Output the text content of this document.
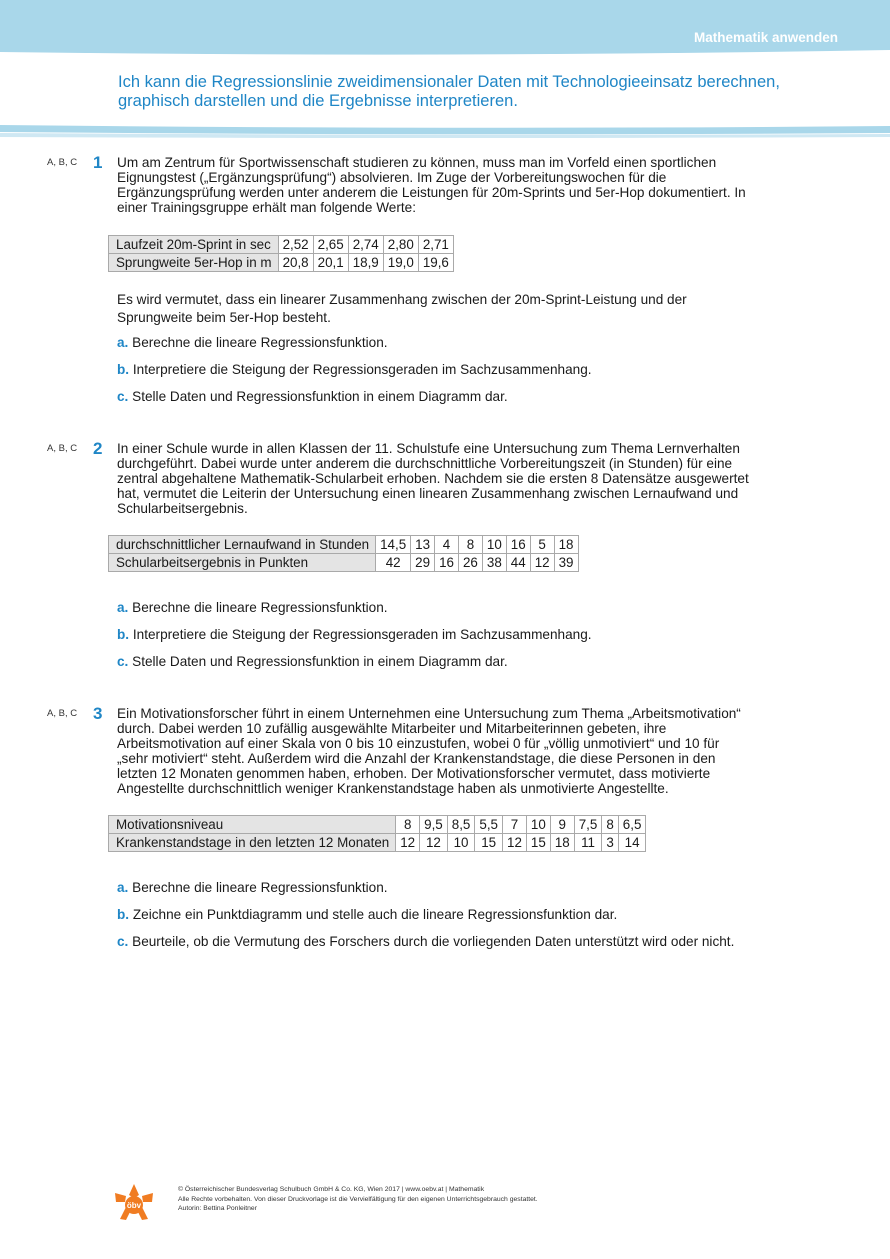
Mathematik anwenden
Ich kann die Regressionslinie zweidimensionaler Daten mit Technologieeinsatz berechnen, graphisch darstellen und die Ergebnisse interpretieren.
A, B, C 1 Um am Zentrum für Sportwissenschaft studieren zu können, muss man im Vorfeld einen sportlichen
Eignungstest („Ergänzungsprüfung“) absolvieren. Im Zuge der Vorbereitungswochen für die
Ergänzungsprüfung werden unter anderem die Leistungen für 20m-Sprints und 5er-Hop dokumentiert. In
einer Trainingsgruppe erhält man folgende Werte:

Laufzeit 20m-Sprint in sec	2,52	2,65	2,74	2,80	2,71
Sprungweite 5er-Hop in m	20,8	20,1	18,9	19,0	19,6

Es wird vermutet, dass ein linearer Zusammenhang zwischen der 20m-Sprint-Leistung und der
Sprungweite beim 5er-Hop besteht.

a. Berechne die lineare Regressionsfunktion.
b. Interpretiere die Steigung der Regressionsgeraden im Sachzusammenhang.
c. Stelle Daten und Regressionsfunktion in einem Diagramm dar.
A, B, C 2 In einer Schule wurde in allen Klassen der 11. Schulstufe eine Untersuchung zum Thema Lernverhalten
durchgeführt. Dabei wurde unter anderem die durchschnittliche Vorbereitungszeit (in Stunden) für eine
zentral abgehaltene Mathematik-Schularbeit erhoben. Nachdem sie die ersten 8 Datensätze ausgewertet
hat, vermutet die Leiterin der Untersuchung einen linearen Zusammenhang zwischen Lernaufwand und
Schularbeitsergebnis.

durchschnittlicher Lernaufwand in Stunden	14,5	13	4	8	10	16	5	18
Schularbeitsergebnis in Punkten	42	29	16	26	38	44	12	39
a. Berechne die lineare Regressionsfunktion.
b. Interpretiere die Steigung der Regressionsgeraden im Sachzusammenhang.
c. Stelle Daten und Regressionsfunktion in einem Diagramm dar.
A, B, C 3 Ein Motivationsforscher führt in einem Unternehmen eine Untersuchung zum Thema „Arbeitsmotivation“
durch. Dabei werden 10 zufällig ausgewählte Mitarbeiter und Mitarbeiterinnen gebeten, ihre
Arbeitsmotivation auf einer Skala von 0 bis 10 einzustufen, wobei 0 für „völlig unmotiviert“ und 10 für
„sehr motiviert“ steht. Außerdem wird die Anzahl der Krankenstandstage, die diese Personen in den
letzten 12 Monaten genommen haben, erhoben. Der Motivationsforscher vermutet, dass motivierte
Angestellte durchschnittlich weniger Krankenstandstage haben als unmotivierte Angestellte.

Motivationsniveau	8	9,5	8,5	5,5	7	10	9	7,5	8	6,5
Krankenstandstage in den letzten 12 Monaten	12	12	10	15	12	15	18	11	3	14
a. Berechne die lineare Regressionsfunktion.
b. Zeichne ein Punktdiagramm und stelle auch die lineare Regressionsfunktion dar.
c. Beurteile, ob die Vermutung des Forschers durch die vorliegenden Daten unterstützt wird oder nicht.
öbv
© Österreichischer Bundesverlag Schulbuch GmbH & Co. KG, Wien 2017 | www.oebv.at | Mathematik
Alle Rechte vorbehalten. Von dieser Druckvorlage ist die Vervielfältigung für den eigenen Unterrichtsgebrauch gestattet.
Autorin: Bettina Ponleitner
